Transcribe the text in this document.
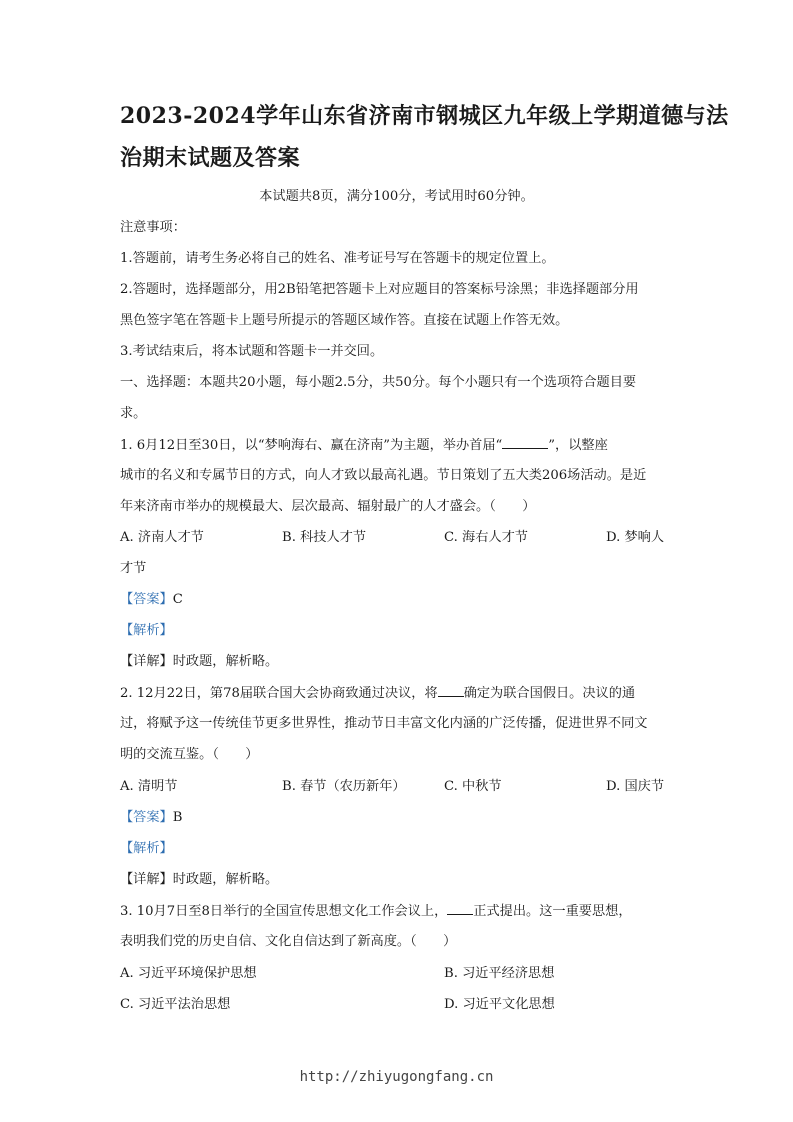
2023-2024学年山东省济南市钢城区九年级上学期道德与法
治期末试题及答案
本试题共8页，满分100分，考试用时60分钟。
注意事项：
1.答题前，请考生务必将自己的姓名、准考证号写在答题卡的规定位置上。
2.答题时，选择题部分，用2B铅笔把答题卡上对应题目的答案标号涂黑；非选择题部分用
黑色签字笔在答题卡上题号所提示的答题区域作答。直接在试题上作答无效。
3.考试结束后，将本试题和答题卡一并交回。
一、选择题：本题共20小题，每小题2.5分，共50分。每个小题只有一个选项符合题目要
求。
1. 6月12日至30日，以“梦响海右、赢在济南”为主题，举办首届“	”，以整座
城市的名义和专属节日的方式，向人才致以最高礼遇。节日策划了五大类206场活动。是近
年来济南市举办的规模最大、层次最高、辐射最广的人才盛会。（　　）
A. 济南人才节	B. 科技人才节	C. 海右人才节	D. 梦响人
才节
【答案】C
【解析】
【详解】时政题，解析略。
2. 12月22日，第78届联合国大会协商致通过决议，将 确定为联合国假日。决议的通
过，将赋予这一传统佳节更多世界性，推动节日丰富文化内涵的广泛传播，促进世界不同文
明的交流互鉴。（　　）
A. 清明节	B. 春节（农历新年）	C. 中秋节	D. 国庆节
【答案】B
【解析】
【详解】时政题，解析略。
3. 10月7日至8日举行的全国宣传思想文化工作会议上， 正式提出。这一重要思想，
表明我们党的历史自信、文化自信达到了新高度。（　　）
A. 习近平环境保护思想	B. 习近平经济思想
C. 习近平法治思想	D. 习近平文化思想
http://zhiyugongfang.cn
